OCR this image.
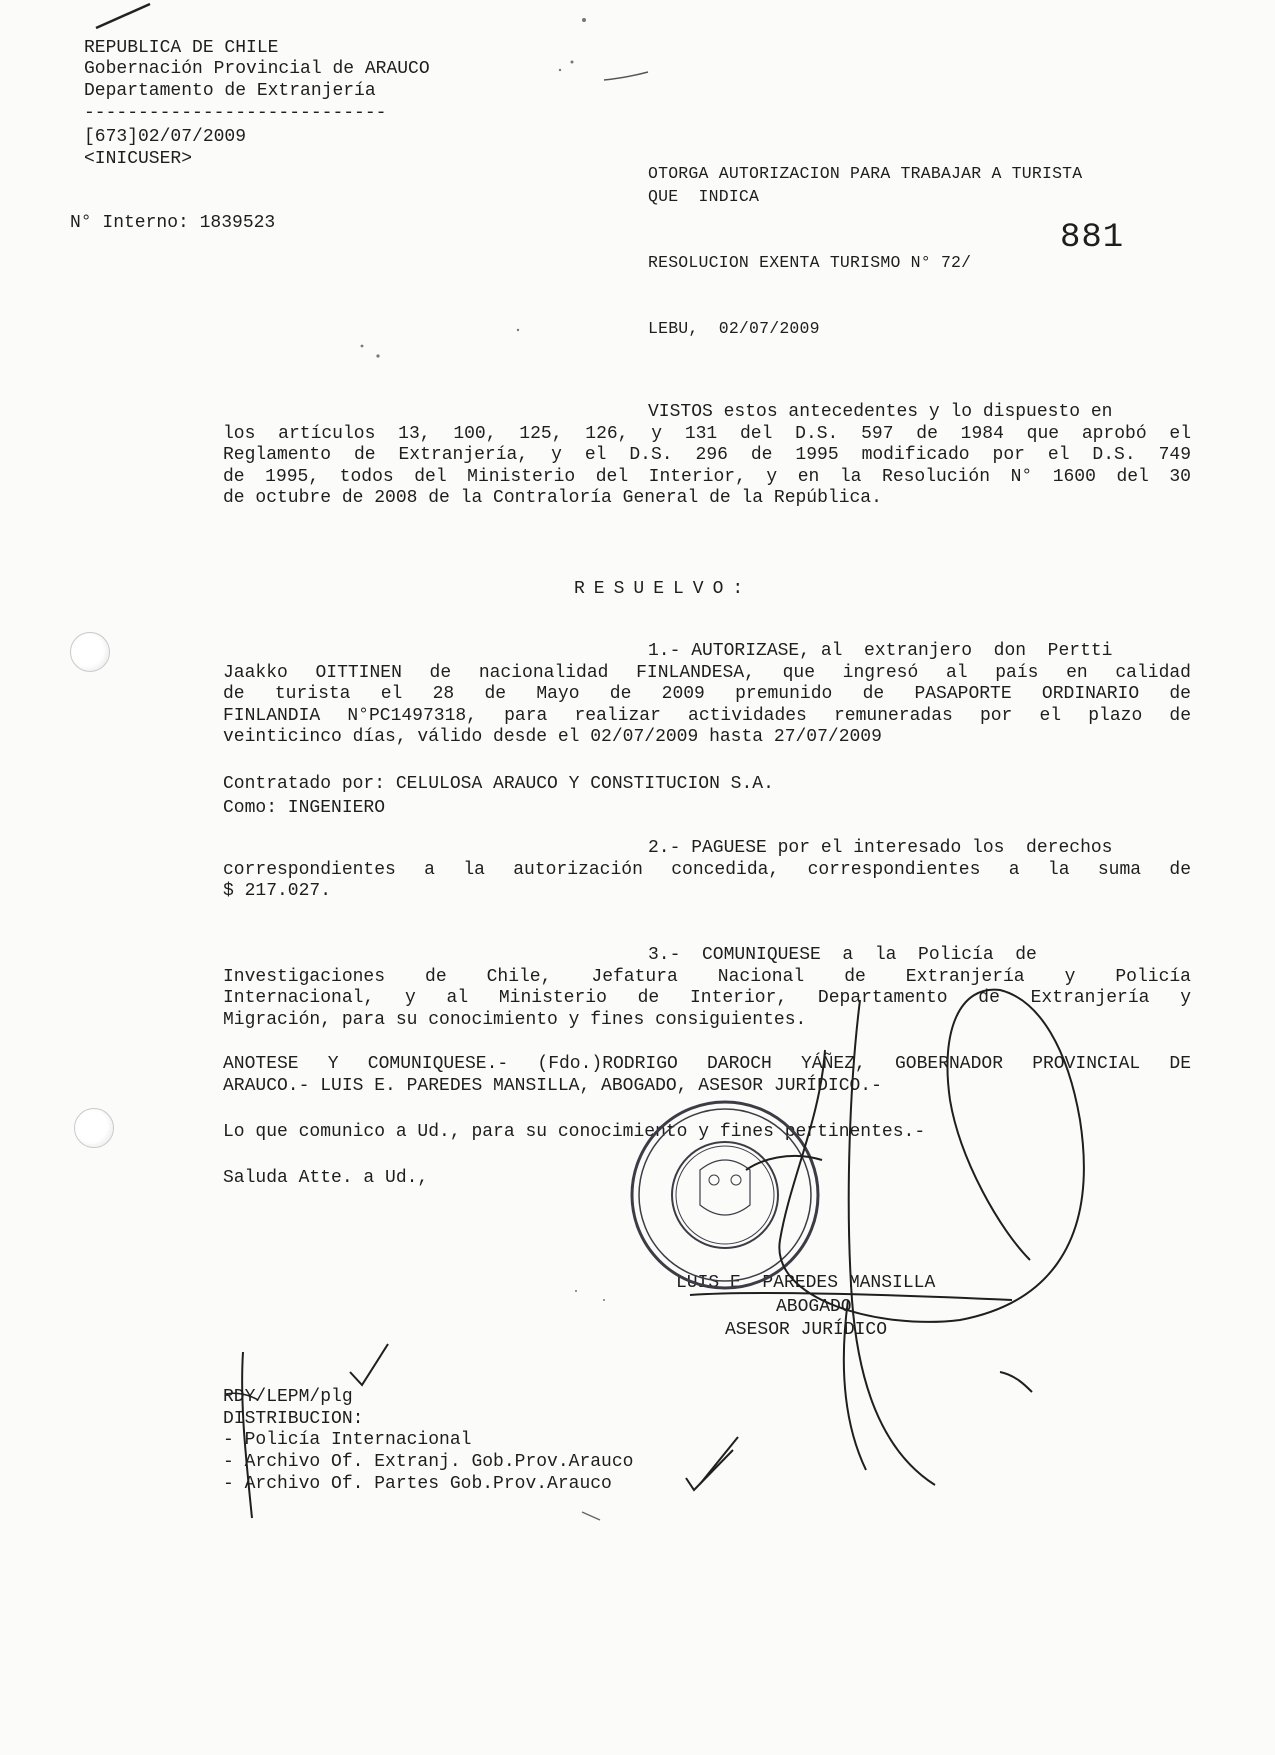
REPUBLICA DE CHILE
Gobernación Provincial de ARAUCO
Departamento de Extranjería
----------------------------
[673]02/07/2009
<INICUSER>
N° Interno: 1839523
OTORGA AUTORIZACION PARA TRABAJAR A TURISTA
QUE  INDICA
RESOLUCION EXENTA TURISMO N° 72/
881
LEBU,  02/07/2009
VISTOS estos antecedentes y lo dispuesto en
los artículos 13, 100, 125, 126, y 131 del D.S. 597 de 1984 que aprobó el
Reglamento de Extranjería, y el D.S. 296 de 1995 modificado por el D.S. 749
de 1995, todos del Ministerio del Interior, y en la Resolución N° 1600 del 30
de octubre de 2008 de la Contraloría General de la República.
RESUELVO:
1.- AUTORIZASE, al  extranjero  don  Pertti
Jaakko OITTINEN de nacionalidad FINLANDESA, que ingresó al país en calidad
de turista el 28 de Mayo de 2009 premunido de PASAPORTE ORDINARIO de
FINLANDIA N°PC1497318, para realizar actividades remuneradas por el plazo de
veinticinco días, válido desde el 02/07/2009 hasta 27/07/2009
Contratado por: CELULOSA ARAUCO Y CONSTITUCION S.A.
Como: INGENIERO
2.- PAGUESE por el interesado los  derechos
correspondientes a la autorización concedida, correspondientes a la suma de
$ 217.027.
3.-  COMUNIQUESE  a  la  Policía  de
Investigaciones de Chile, Jefatura Nacional de Extranjería y Policía
Internacional, y al Ministerio de Interior, Departamento de Extranjería y
Migración, para su conocimiento y fines consiguientes.
ANOTESE Y COMUNIQUESE.- (Fdo.)RODRIGO DAROCH YÁÑEZ, GOBERNADOR PROVINCIAL DE
ARAUCO.- LUIS E. PAREDES MANSILLA, ABOGADO, ASESOR JURÍDICO.-
Lo que comunico a Ud., para su conocimiento y fines pertinentes.-
Saluda Atte. a Ud.,
LUIS E. PAREDES MANSILLA
ABOGADO
ASESOR JURÍDICO
RDY/LEPM/plg
DISTRIBUCION:
- Policía Internacional
- Archivo Of. Extranj. Gob.Prov.Arauco
- Archivo Of. Partes Gob.Prov.Arauco
